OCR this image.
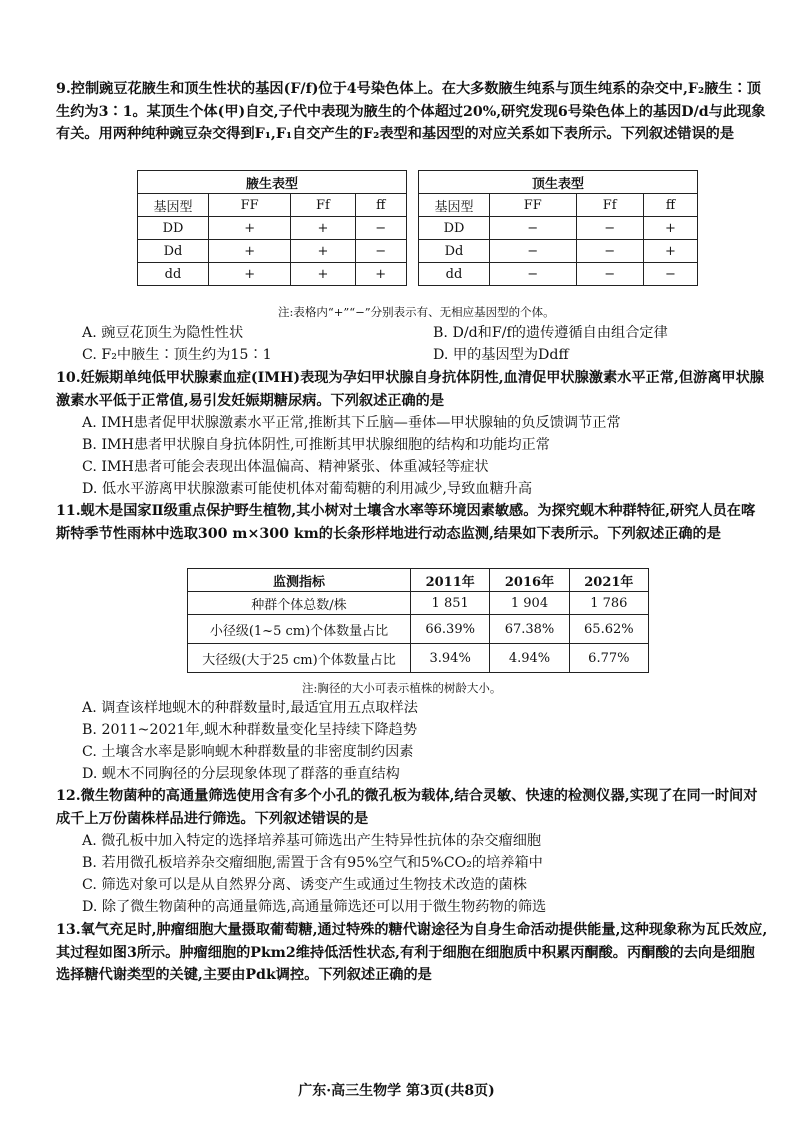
9.控制豌豆花腋生和顶生性状的基因(F/f)位于4号染色体上。在大多数腋生纯系与顶生纯系的杂交中,F₂腋生∶顶生约为3∶1。某顶生个体(甲)自交,子代中表现为腋生的个体超过20%,研究发现6号染色体上的基因D/d与此现象有关。用两种纯种豌豆杂交得到F₁,F₁自交产生的F₂表型和基因型的对应关系如下表所示。下列叙述错误的是
腋生表型			
基因型	FF	Ff	ff
DD	+	+	−
Dd	+	+	−
dd	+	+	+
顶生表型			
基因型	FF	Ff	ff
DD	−	−	+
Dd	−	−	+
dd	−	−	−
注:表格内“+”“−”分别表示有、无相应基因型的个体。
A. 豌豆花顶生为隐性性状	B. D/d和F/f的遗传遵循自由组合定律
C. F₂中腋生∶顶生约为15∶1	D. 甲的基因型为Ddff
10.妊娠期单纯低甲状腺素血症(IMH)表现为孕妇甲状腺自身抗体阴性,血清促甲状腺激素水平正常,但游离甲状腺激素水平低于正常值,易引发妊娠期糖尿病。下列叙述正确的是
A. IMH患者促甲状腺激素水平正常,推断其下丘脑—垂体—甲状腺轴的负反馈调节正常
B. IMH患者甲状腺自身抗体阴性,可推断其甲状腺细胞的结构和功能均正常
C. IMH患者可能会表现出体温偏高、精神紧张、体重减轻等症状
D. 低水平游离甲状腺激素可能使机体对葡萄糖的利用减少,导致血糖升高
11.蚬木是国家Ⅱ级重点保护野生植物,其小树对土壤含水率等环境因素敏感。为探究蚬木种群特征,研究人员在喀斯特季节性雨林中选取300 m×300 km的长条形样地进行动态监测,结果如下表所示。下列叙述正确的是
监测指标	2011年	2016年	2021年
种群个体总数/株	1 851	1 904	1 786
小径级(1~5 cm)个体数量占比	66.39%	67.38%	65.62%
大径级(大于25 cm)个体数量占比	3.94%	4.94%	6.77%
注:胸径的大小可表示植株的树龄大小。
A. 调查该样地蚬木的种群数量时,最适宜用五点取样法
B. 2011~2021年,蚬木种群数量变化呈持续下降趋势
C. 土壤含水率是影响蚬木种群数量的非密度制约因素
D. 蚬木不同胸径的分层现象体现了群落的垂直结构
12.微生物菌种的高通量筛选使用含有多个小孔的微孔板为载体,结合灵敏、快速的检测仪器,实现了在同一时间对成千上万份菌株样品进行筛选。下列叙述错误的是
A. 微孔板中加入特定的选择培养基可筛选出产生特异性抗体的杂交瘤细胞
B. 若用微孔板培养杂交瘤细胞,需置于含有95%空气和5%CO₂的培养箱中
C. 筛选对象可以是从自然界分离、诱变产生或通过生物技术改造的菌株
D. 除了微生物菌种的高通量筛选,高通量筛选还可以用于微生物药物的筛选
13.氧气充足时,肿瘤细胞大量摄取葡萄糖,通过特殊的糖代谢途径为自身生命活动提供能量,这种现象称为瓦氏效应,其过程如图3所示。肿瘤细胞的Pkm2维持低活性状态,有利于细胞在细胞质中积累丙酮酸。丙酮酸的去向是细胞选择糖代谢类型的关键,主要由Pdk调控。下列叙述正确的是
广东·高三生物学 第3页(共8页)
